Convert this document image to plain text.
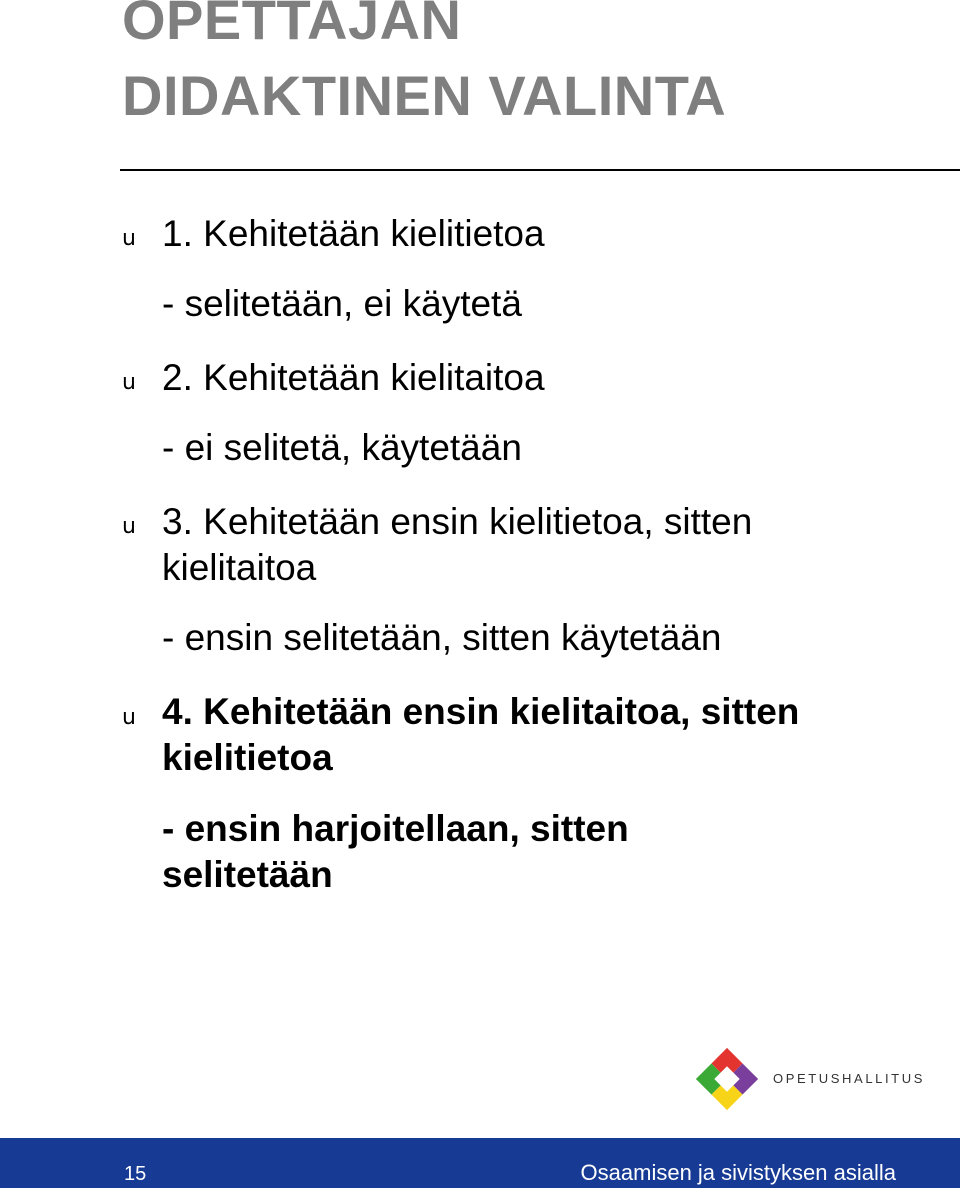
OPETTAJAN
DIDAKTINEN VALINTA
u 1. Kehitetään kielitietoa
- selitetään, ei käytetä
u 2. Kehitetään kielitaitoa
- ei selitetä, käytetään
u 3. Kehitetään ensin kielitietoa, sitten kielitaitoa
- ensin selitetään, sitten käytetään
u 4. Kehitetään ensin kielitaitoa, sitten kielitietoa
- ensin harjoitellaan, sitten selitetään
OPETUSHALLITUS
15	Osaamisen ja sivistyksen asialla
